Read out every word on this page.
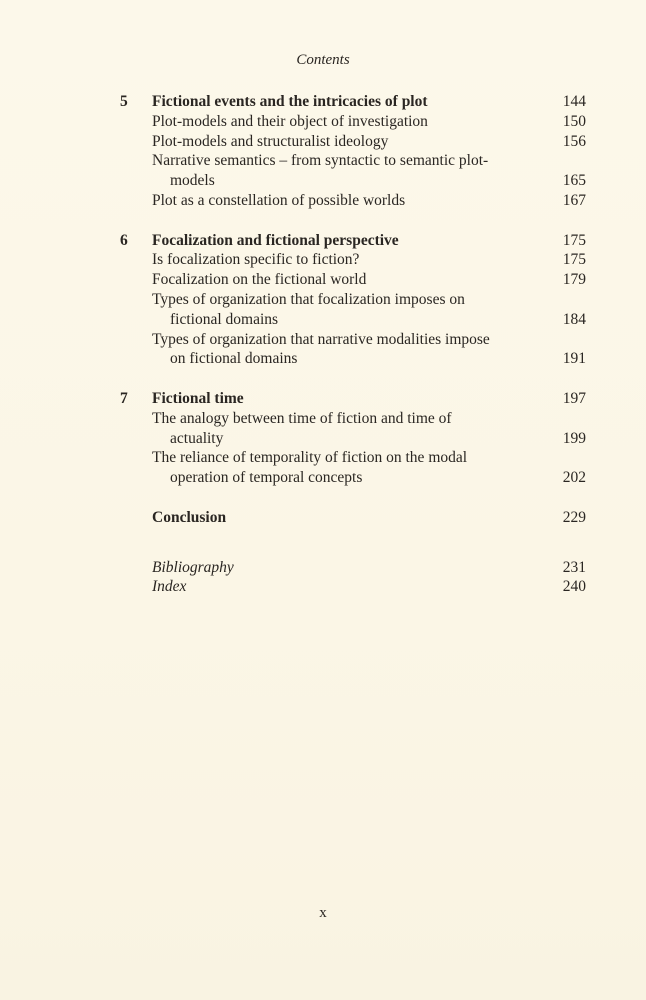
Contents
5	Fictional events and the intricacies of plot	144
Plot-models and their object of investigation	150
Plot-models and structuralist ideology	156
Narrative semantics – from syntactic to semantic plot-
models	165
Plot as a constellation of possible worlds	167
6	Focalization and fictional perspective	175
Is focalization specific to fiction?	175
Focalization on the fictional world	179
Types of organization that focalization imposes on
fictional domains	184
Types of organization that narrative modalities impose
on fictional domains	191
7	Fictional time	197
The analogy between time of fiction and time of
actuality	199
The reliance of temporality of fiction on the modal
operation of temporal concepts	202
Conclusion	229
Bibliography	231
Index	240
x
